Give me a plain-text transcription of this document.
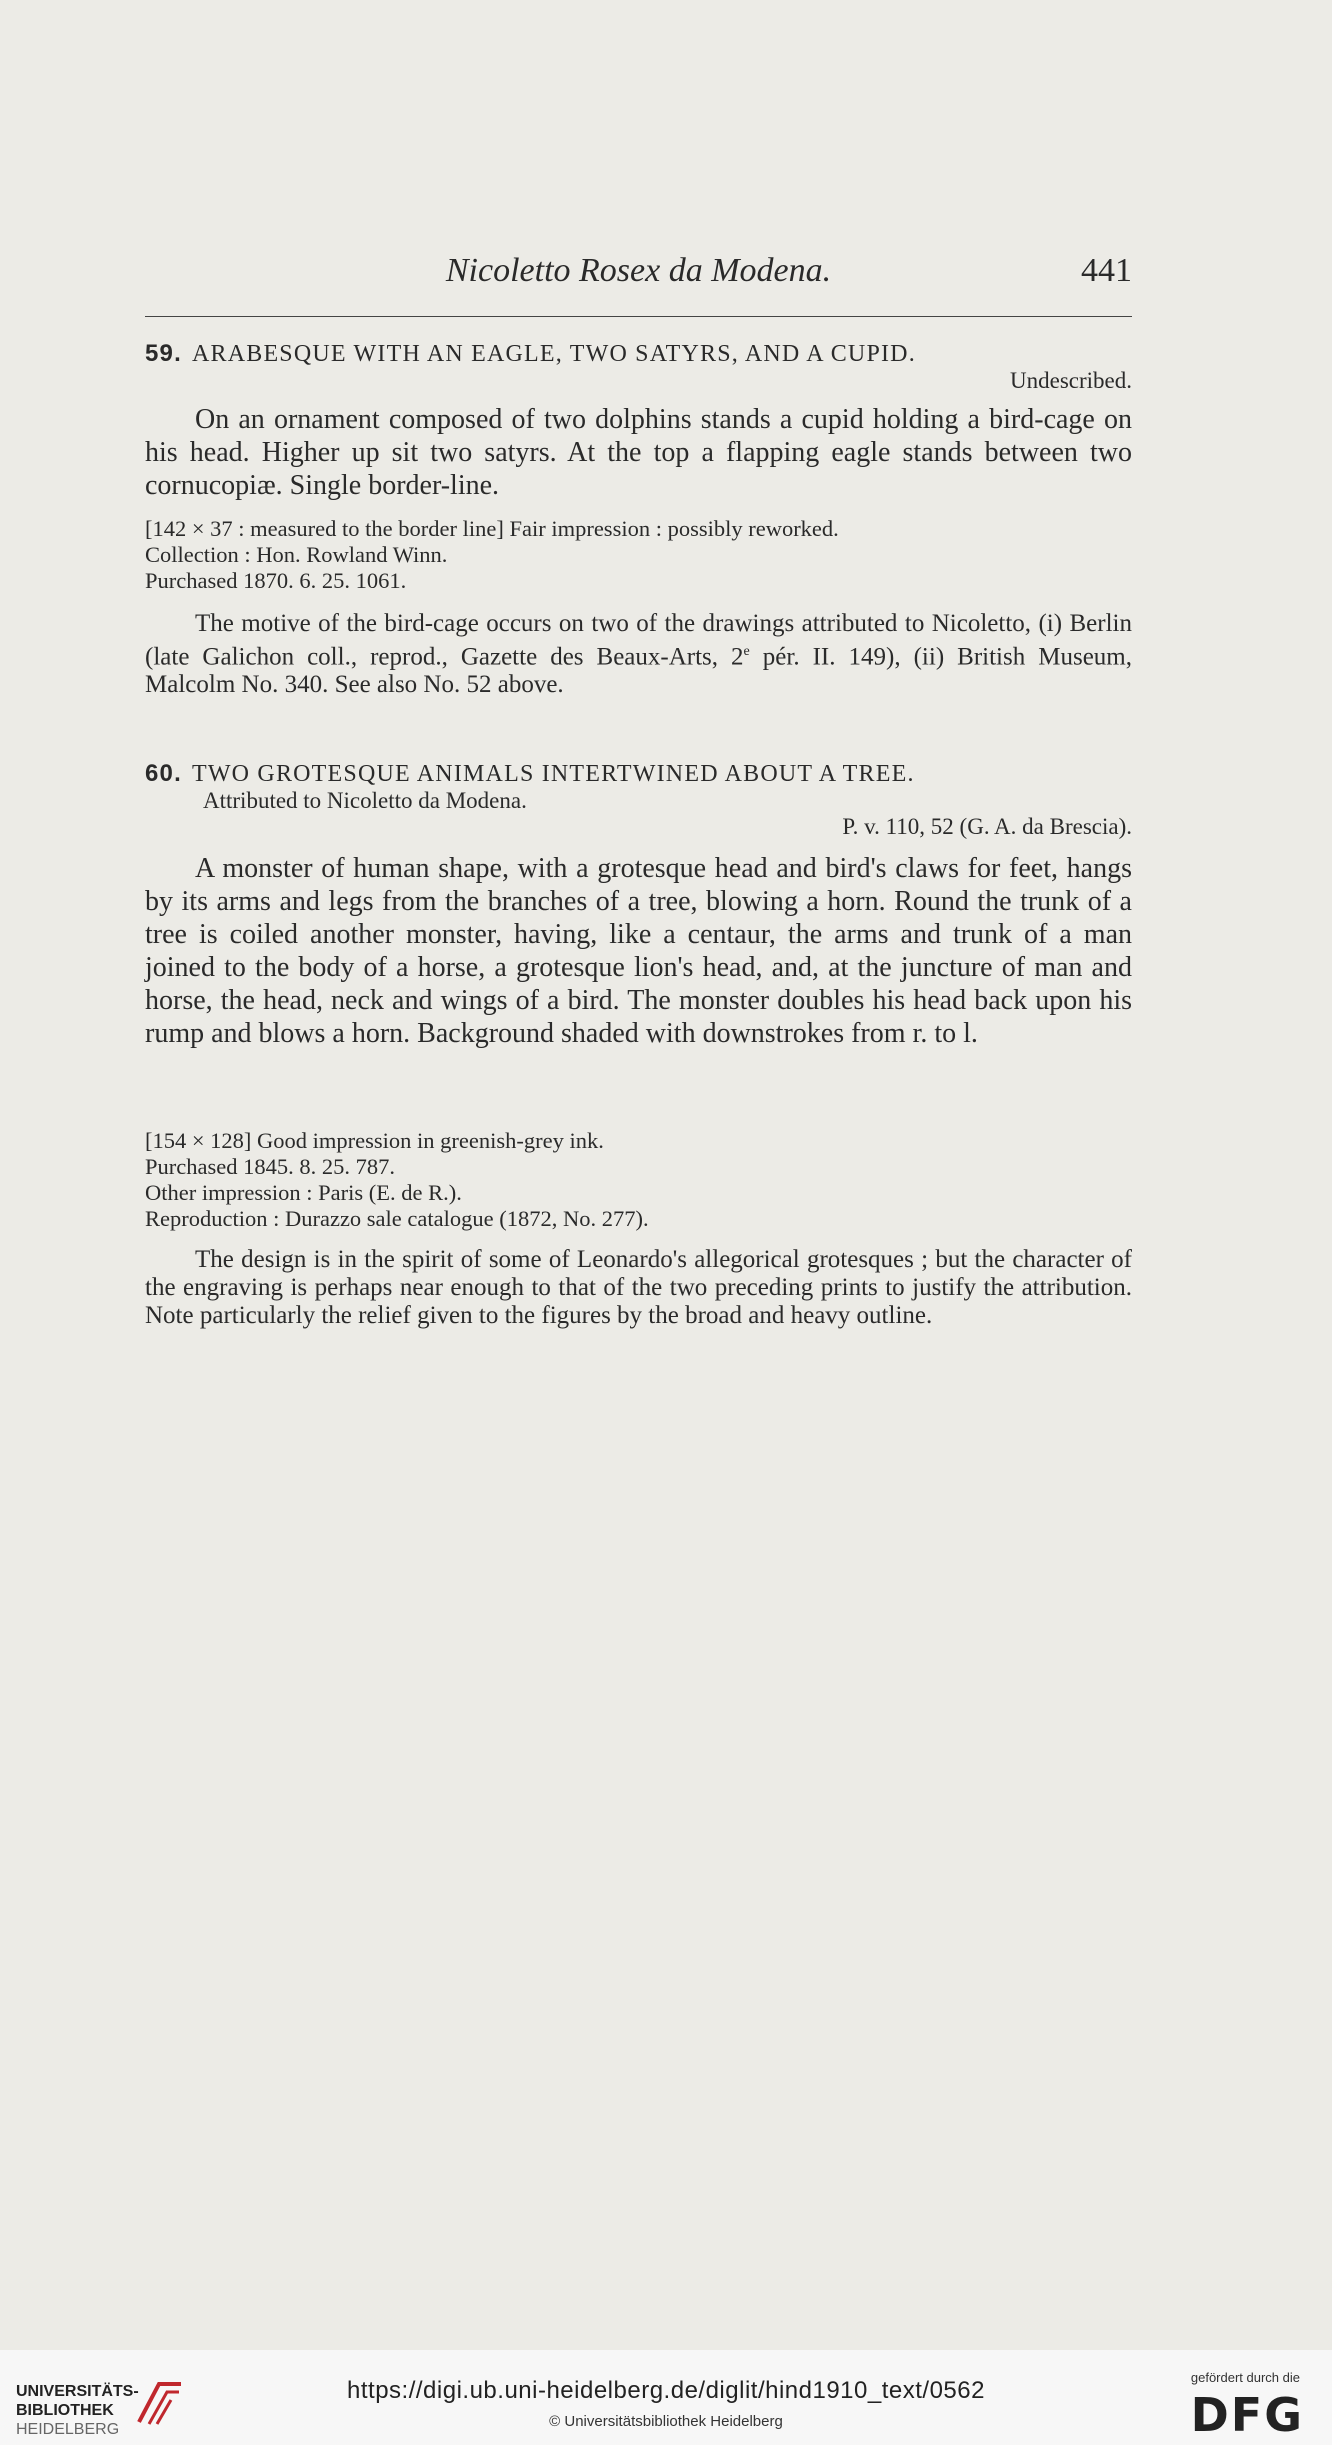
Nicoletto Rosex da Modena.	441
59. ARABESQUE WITH AN EAGLE, TWO SATYRS, AND A CUPID.
Undescribed.
On an ornament composed of two dolphins stands a cupid holding a bird-cage on his head. Higher up sit two satyrs. At the top a flapping eagle stands between two cornucopiæ. Single border-line.
[142 × 37 : measured to the border line] Fair impression : possibly reworked.
Collection : Hon. Rowland Winn.
Purchased 1870. 6. 25. 1061.
The motive of the bird-cage occurs on two of the drawings attributed to Nicoletto, (i) Berlin (late Galichon coll., reprod., Gazette des Beaux-Arts, 2e pér. II. 149), (ii) British Museum, Malcolm No. 340. See also No. 52 above.
60. TWO GROTESQUE ANIMALS INTERTWINED ABOUT A TREE.
Attributed to Nicoletto da Modena.
P. v. 110, 52 (G. A. da Brescia).
A monster of human shape, with a grotesque head and bird's claws for feet, hangs by its arms and legs from the branches of a tree, blowing a horn. Round the trunk of a tree is coiled another monster, having, like a centaur, the arms and trunk of a man joined to the body of a horse, a grotesque lion's head, and, at the juncture of man and horse, the head, neck and wings of a bird. The monster doubles his head back upon his rump and blows a horn. Background shaded with downstrokes from r. to l.
[154 × 128] Good impression in greenish-grey ink.
Purchased 1845. 8. 25. 787.
Other impression : Paris (E. de R.).
Reproduction : Durazzo sale catalogue (1872, No. 277).
The design is in the spirit of some of Leonardo's allegorical grotesques ; but the character of the engraving is perhaps near enough to that of the two preceding prints to justify the attribution. Note particularly the relief given to the figures by the broad and heavy outline.
UNIVERSITÄTS-
BIBLIOTHEK
HEIDELBERG
https://digi.ub.uni-heidelberg.de/diglit/hind1910_text/0562
© Universitätsbibliothek Heidelberg
gefördert durch die
DFG
